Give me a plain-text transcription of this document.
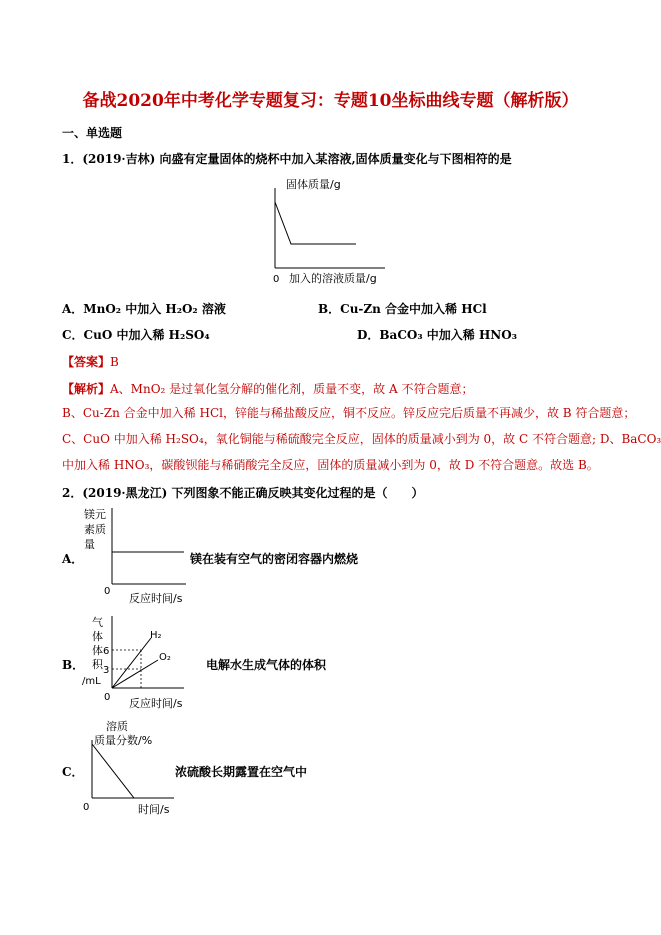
备战2020年中考化学专题复习：专题10坐标曲线专题（解析版）
一、单选题
1．(2019·吉林) 向盛有定量固体的烧杯中加入某溶液,固体质量变化与下图相符的是
固体质量/g
0 加入的溶液质量/g
A．MnO₂ 中加入 H₂O₂ 溶液	B．Cu-Zn 合金中加入稀 HCl
C．CuO 中加入稀 H₂SO₄	D．BaCO₃ 中加入稀 HNO₃
【答案】B
【解析】A、MnO₂ 是过氧化氢分解的催化剂，质量不变，故 A 不符合题意；
B、Cu-Zn 合金中加入稀 HCl，锌能与稀盐酸反应，铜不反应。锌反应完后质量不再减少，故 B 符合题意；
C、CuO 中加入稀 H₂SO₄，氧化铜能与稀硫酸完全反应，固体的质量减小到为 0，故 C 不符合题意; D、BaCO₃
中加入稀 HNO₃，碳酸钡能与稀硝酸完全反应，固体的质量减小到为 0，故 D 不符合题意。故选 B。
2．(2019·黑龙江) 下列图象不能正确反映其变化过程的是（　　）
A．
镁元
素质
量
0
反应时间/s
镁在装有空气的密闭容器内燃烧
B．
气
体
体
积
/mL
6
3
H₂
O₂
0 反应时间/s
电解水生成气体的体积
C．
溶质
质量分数/%
0	时间/s
浓硫酸长期露置在空气中
